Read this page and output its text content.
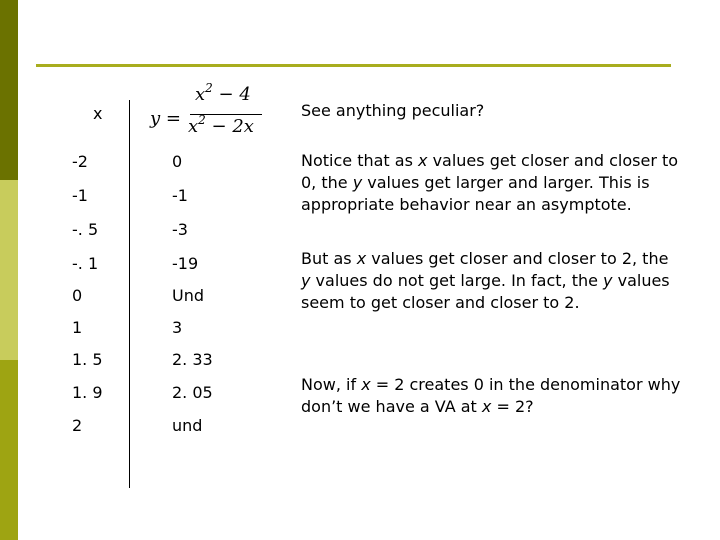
x	y =
$x^2 - 4$
$x^2 - 2x$
-2	0
-1	-1
-. 5	-3
-. 1	-19
0	Und
1	3
1. 5	2. 33
1. 9	2. 05
2	und
See anything peculiar?
Notice that as x values get closer and closer to 0, the y values get larger and larger. This is appropriate behavior near an asymptote.
But as x values get closer and closer to 2, the y values do not get large. In fact, the y values seem to get closer and closer to 2.
Now, if x = 2 creates 0 in the denominator why don’t we have a VA at x = 2?
